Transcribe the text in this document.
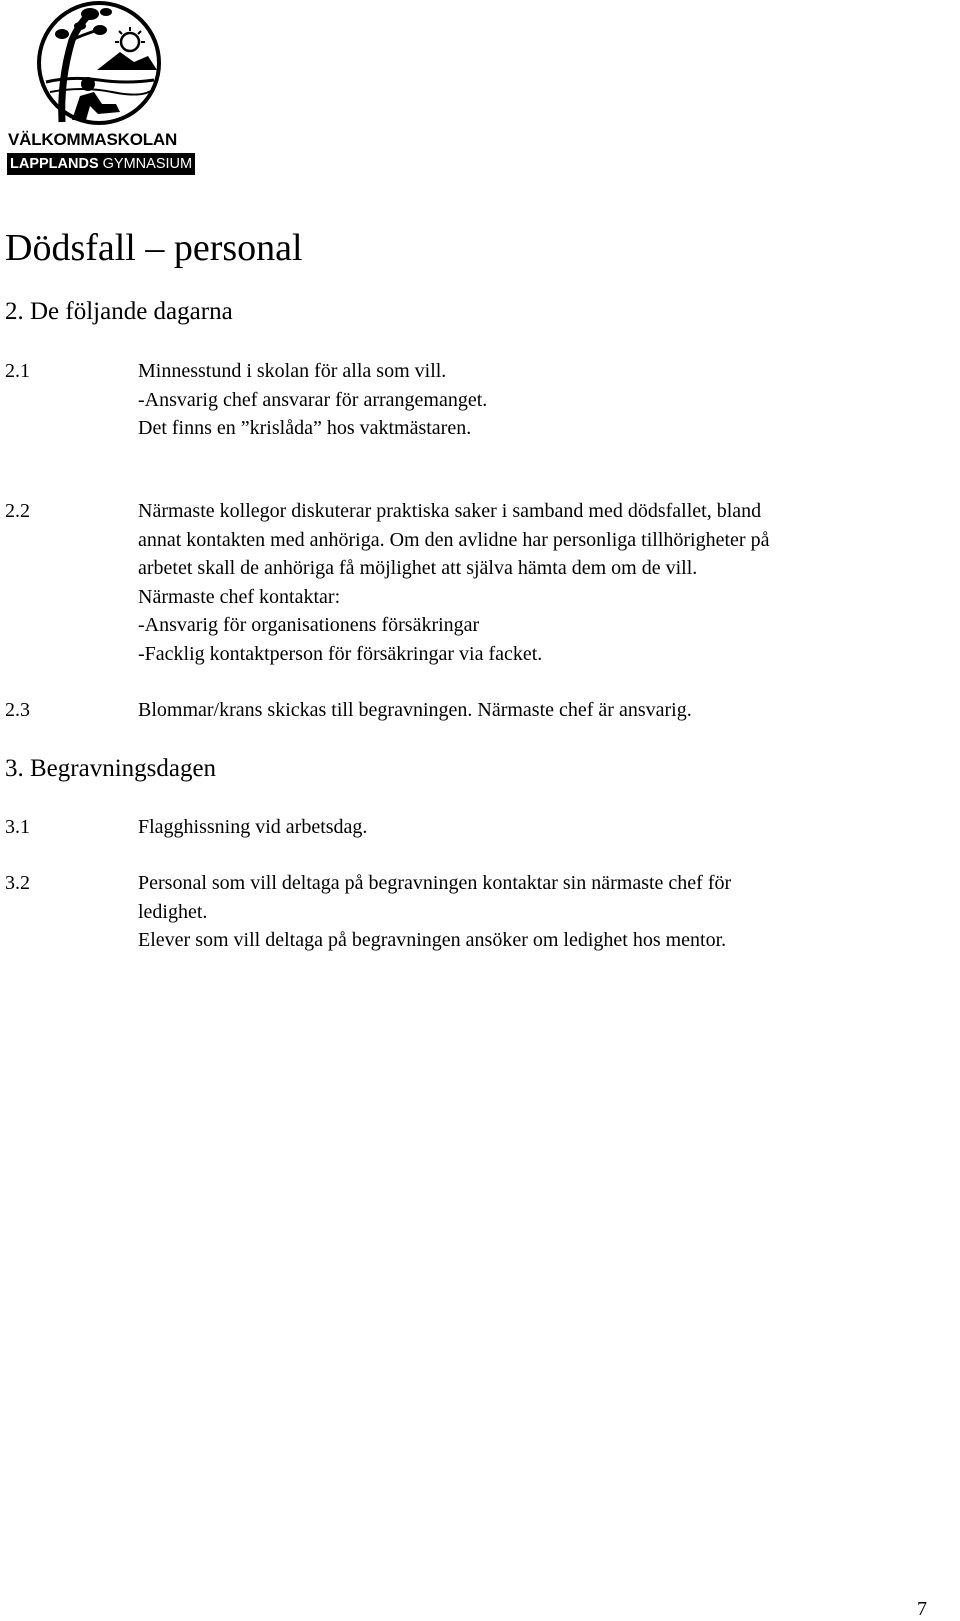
VÄLKOMMASKOLAN
LAPPLANDS GYMNASIUM
Dödsfall – personal
2. De följande dagarna
2.1	Minnesstund i skolan för alla som vill.

-Ansvarig chef ansvarar för arrangemanget.

Det finns en ”krislåda” hos vaktmästaren.

2.2	Närmaste kollegor diskuterar praktiska saker i samband med dödsfallet, bland

annat kontakten med anhöriga. Om den avlidne har personliga tillhörigheter på

arbetet skall de anhöriga få möjlighet att själva hämta dem om de vill.

Närmaste chef kontaktar:

-Ansvarig för organisationens försäkringar

-Facklig kontaktperson för försäkringar via facket.

2.3	Blommar/krans skickas till begravningen. Närmaste chef är ansvarig.

3. Begravningsdagen
3.1	Flagghissning vid arbetsdag.

3.2	Personal som vill deltaga på begravningen kontaktar sin närmaste chef för

ledighet.

Elever som vill deltaga på begravningen ansöker om ledighet hos mentor.

7
